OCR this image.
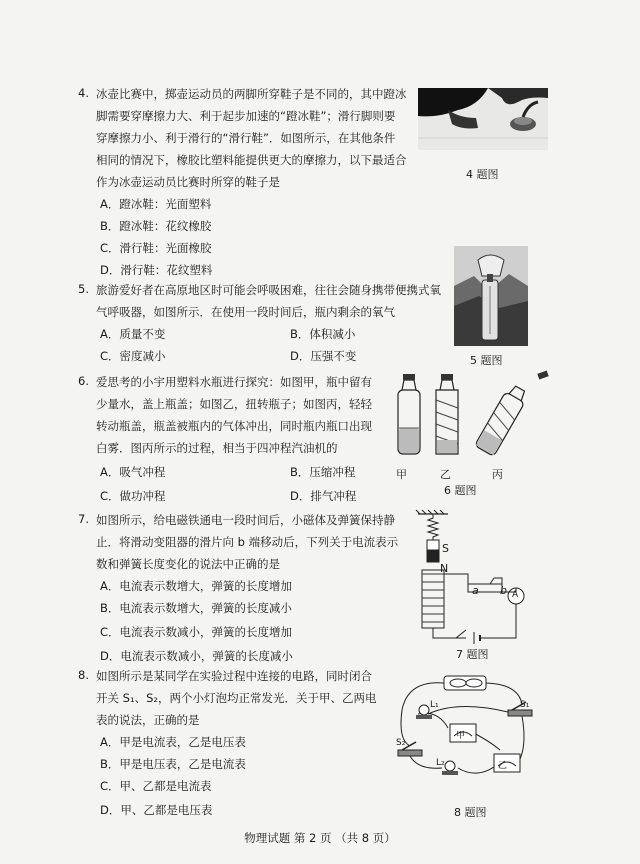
4. 冰壶比赛中，掷壶运动员的两脚所穿鞋子是不同的，其中蹬冰
脚需要穿摩擦力大、利于起步加速的“蹬冰鞋”；滑行脚则要
穿摩擦力小、利于滑行的“滑行鞋”．如图所示，在其他条件
相同的情况下，橡胶比塑料能提供更大的摩擦力，以下最适合
作为冰壶运动员比赛时所穿的鞋子是
A．蹬冰鞋：光面塑料
B．蹬冰鞋：花纹橡胶
C．滑行鞋：光面橡胶
D．滑行鞋：花纹塑料
4 题图
5. 旅游爱好者在高原地区时可能会呼吸困难，往往会随身携带便携式氧
气呼吸器，如图所示．在使用一段时间后，瓶内剩余的氧气
A．质量不变	B．体积减小
C．密度减小	D．压强不变	5 题图
6. 爱思考的小宇用塑料水瓶进行探究：如图甲，瓶中留有
少量水，盖上瓶盖；如图乙，扭转瓶子；如图丙，轻轻
转动瓶盖，瓶盖被瓶内的气体冲出，同时瓶内瓶口出现
白雾．图丙所示的过程，相当于四冲程汽油机的
A．吸气冲程	B．压缩冲程
C．做功冲程	D．排气冲程
甲	乙	丙
6 题图
7. 如图所示，给电磁铁通电一段时间后，小磁体及弹簧保持静
止．将滑动变阻器的滑片向 b 端移动后，下列关于电流表示
数和弹簧长度变化的说法中正确的是
A．电流表示数增大，弹簧的长度增加
B．电流表示数增大，弹簧的长度减小
C．电流表示数减小，弹簧的长度增加
D．电流表示数减小，弹簧的长度减小
S
N
a b A
7 题图
8. 如图所示是某同学在实验过程中连接的电路，同时闭合
开关 S₁、S₂，两个小灯泡均正常发光．关于甲、乙两电
表的说法，正确的是
A．甲是电流表，乙是电压表
B．甲是电压表，乙是电流表
C．甲、乙都是电流表
D．甲、乙都是电压表
L₁	S₁
S₂
L₂
甲
乙
8 题图
物理试题 第 2 页 （共 8 页）
